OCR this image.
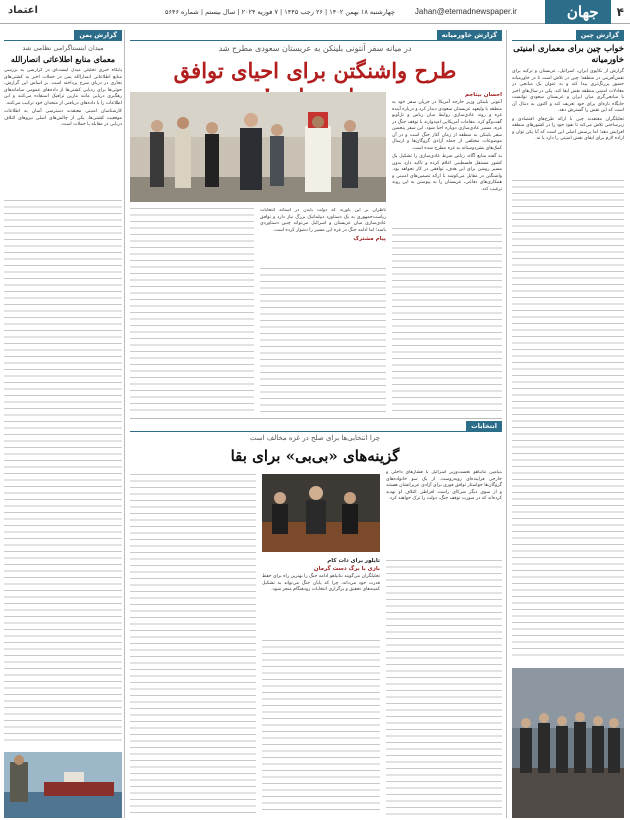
۴
جهان
Jahan@etemadnewspaper.ir
چهارشنبه ۱۸ بهمن ۱۴۰۲ | ۲۶ رجب ۱۴۴۵ | ۷ فوریه ۲۰۲۴ | سال بیستم | شماره ۵۶۴۶
اعتماد
گزارش چین
خواب چین برای معماری امنیتی خاورمیانه

گزارش از تکاپوی ایران، اسرائیل، عربستان و ترکیه برای نقش‌آفرینی در منطقه؛ چین در تلاش است تا در خاورمیانه حضور پررنگ‌تری پیدا کند و به عنوان یک میانجی در معادلات امنیتی منطقه نقش ایفا کند. پکن در سال‌های اخیر با میانجی‌گری میان ایران و عربستان سعودی توانست جایگاه تازه‌ای برای خود تعریف کند و اکنون به دنبال آن است که این نقش را گسترش دهد.

تحلیلگران معتقدند چین با ارائه طرح‌های اقتصادی و زیرساختی تلاش می‌کند تا نفوذ خود را در کشورهای منطقه افزایش دهد؛ اما پرسش اصلی این است که آیا پکن توان و اراده لازم برای ایفای نقش امنیتی را دارد یا نه.

گزارش خاورمیانه
در میانه سفر آنتونی بلینکن به عربستان سعودی مطرح شد
طرح واشنگتن برای احیای توافق
احسان بیتاجم

آنتونی بلینکن وزیر خارجه آمریکا در جریان سفر خود به منطقه با ولیعهد عربستان سعودی دیدار کرد و درباره آینده غزه و روند عادی‌سازی روابط میان ریاض و تل‌آویو گفت‌وگو کرد. مقامات آمریکایی امیدوارند با توقف جنگ در غزه، مسیر عادی‌سازی دوباره احیا شود. این سفر پنجمین سفر بلینکن به منطقه از زمان آغاز جنگ است و در آن موضوعات مختلفی از جمله آزادی گروگان‌ها و ارسال کمک‌های بشردوستانه به غزه مطرح شده است.

به گفته منابع آگاه، ریاض شرط عادی‌سازی را تشکیل یک کشور مستقل فلسطینی اعلام کرده و تاکید دارد بدون مسیر روشن برای این هدف، توافقی در کار نخواهد بود. واشنگتن در مقابل می‌کوشد با ارائه تضمین‌های امنیتی و همکاری‌های دفاعی، عربستان را به پیوستن به این روند ترغیب کند.

ناظران بر این باورند که دولت بایدن در آستانه انتخابات ریاست‌جمهوری به یک دستاورد دیپلماتیک بزرگ نیاز دارد و توافق عادی‌سازی میان عربستان و اسرائیل می‌تواند چنین دستاوردی باشد؛ اما ادامه جنگ در غزه این مسیر را دشوار کرده است.

پیام مشترک
انتخابات
چرا انتخابی‌ها برای صلح در غزه مخالف است
گزینه‌های «بی‌بی» برای بقا

بنیامین نتانیاهو نخست‌وزیر اسرائیل با فشارهای داخلی و خارجی فزاینده‌ای روبه‌روست. از یک سو خانواده‌های گروگان‌ها خواستار توافق فوری برای آزادی عزیزانشان هستند و از سوی دیگر شرکای راست افراطی ائتلاف او تهدید کرده‌اند که در صورت توقف جنگ، دولت را ترک خواهند کرد.

تایلور برای دات کام
بازی با برگ دست گرمان

تحلیلگران می‌گویند نتانیاهو ادامه جنگ را بهترین راه برای حفظ قدرت خود می‌داند، چرا که پایان جنگ می‌تواند به تشکیل کمیته‌های تحقیق و برگزاری انتخابات زودهنگام منجر شود.

گزارش یمن
میدان اینستاگرامی نظامی شد
معمای منابع اطلاعاتی انصارالله

پایگاه خبری تحلیلی میدل ایست‌آی در گزارشی به بررسی منابع اطلاعاتی انصارالله یمن در حملات اخیر به کشتی‌های تجاری در دریای سرخ پرداخته است. بر اساس این گزارش، حوثی‌ها برای ردیابی کشتی‌ها از داده‌های عمومی سامانه‌های رهگیری دریایی مانند مارین ترافیک استفاده می‌کنند و این اطلاعات را با داده‌های دریافتی از متحدان خود ترکیب می‌کنند.

کارشناسان امنیتی معتقدند دسترسی آسان به اطلاعات موقعیت کشتی‌ها، یکی از چالش‌های اصلی نیروهای ائتلاف دریایی در مقابله با حملات است.
